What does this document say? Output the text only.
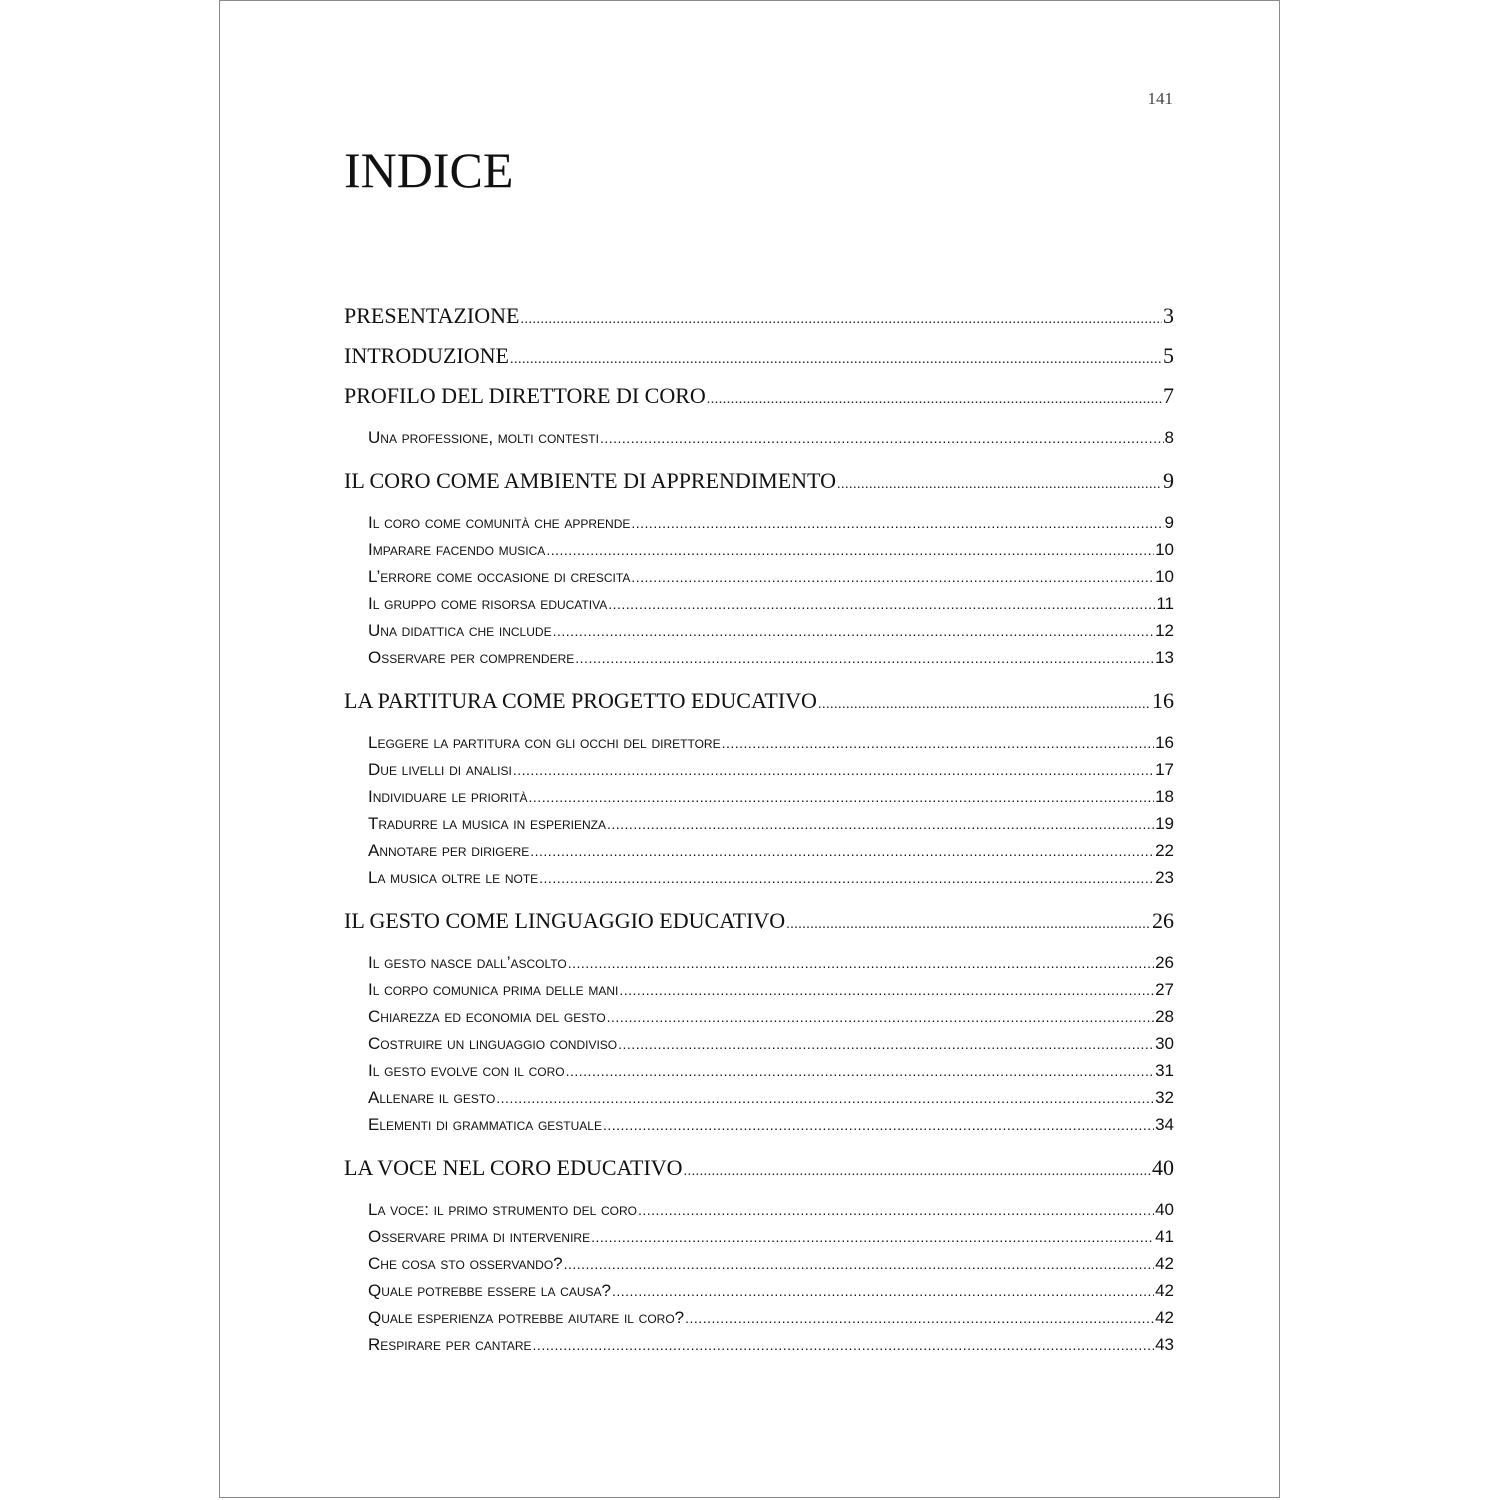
141
INDICE
PRESENTAZIONE .....	3
INTRODUZIONE .....	5
PROFILO DEL DIRETTORE DI CORO .....	7
Una professione, molti contesti .....	8
IL CORO COME AMBIENTE DI APPRENDIMENTO .....	9
Il coro come comunità che apprende .....	9
Imparare facendo musica .....	10
L’errore come occasione di crescita .....	10
Il gruppo come risorsa educativa .....	11
Una didattica che include .....	12
Osservare per comprendere .....	13
LA PARTITURA COME PROGETTO EDUCATIVO .....	16
Leggere la partitura con gli occhi del direttore .....	16
Due livelli di analisi .....	17
Individuare le priorità .....	18
Tradurre la musica in esperienza .....	19
Annotare per dirigere .....	22
La musica oltre le note .....	23
IL GESTO COME LINGUAGGIO EDUCATIVO .....	26
Il gesto nasce dall’ascolto .....	26
Il corpo comunica prima delle mani .....	27
Chiarezza ed economia del gesto .....	28
Costruire un linguaggio condiviso .....	30
Il gesto evolve con il coro .....	31
Allenare il gesto .....	32
Elementi di grammatica gestuale .....	34
LA VOCE NEL CORO EDUCATIVO .....	40
La voce: il primo strumento del coro .....	40
Osservare prima di intervenire .....	41
Che cosa sto osservando? .....	42
Quale potrebbe essere la causa? .....	42
Quale esperienza potrebbe aiutare il coro? .....	42
Respirare per cantare .....	43
